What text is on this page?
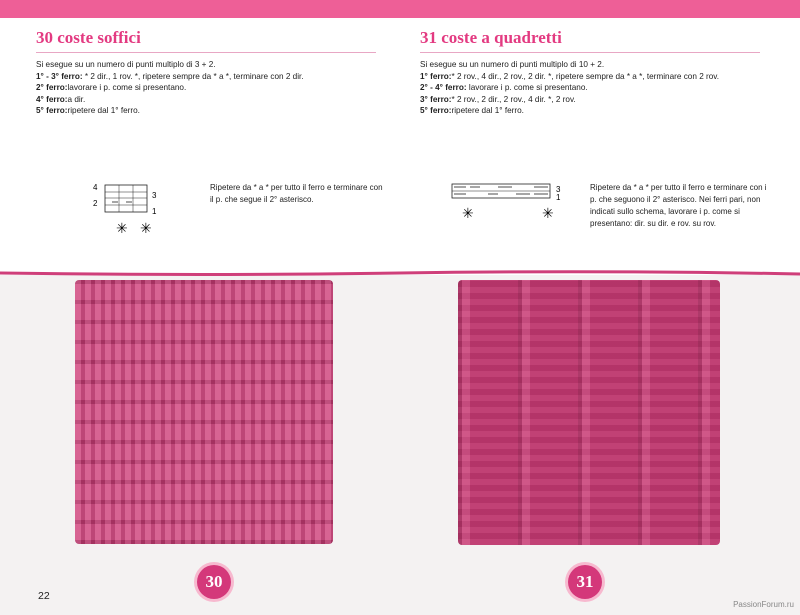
30 coste soffici
Si esegue su un numero di punti multiplo di 3 + 2.
1° - 3° ferro: * 2 dir., 1 rov. *, ripetere sempre da * a *, terminare con 2 dir.
2° ferro:lavorare i p. come si presentano.
4° ferro:a dir.
5° ferro:ripetere dal 1° ferro.
4
2
3
1
✳ ✳
Ripetere da * a * per tutto il ferro e terminare con il p. che segue il 2° asterisco.
31 coste a quadretti
Si esegue su un numero di punti multiplo di 10 + 2.
1° ferro:* 2 rov., 4 dir., 2 rov., 2 dir. *, ripetere sempre da * a *, terminare con 2 rov.
2° - 4° ferro: lavorare i p. come si presentano.
3° ferro:* 2 rov., 2 dir., 2 rov., 4 dir. *, 2 rov.
5° ferro:ripetere dal 1° ferro.
3
1
✳	✳
Ripetere da * a * per tutto il ferro e terminare con i p. che seguono il 2° asterisco. Nei ferri pari, non indicati sullo schema, lavorare i p. come si presentano: dir. su dir. e rov. su rov.
30	31
22
PassionForum.ru
